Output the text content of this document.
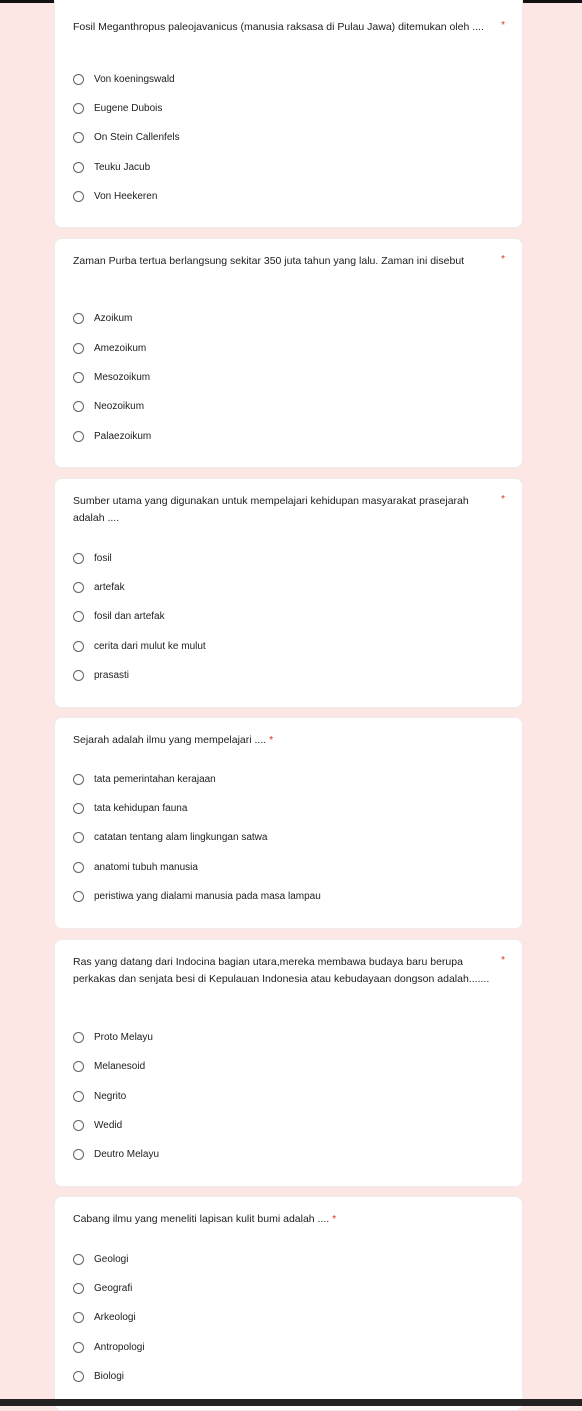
Fosil Meganthropus paleojavanicus (manusia raksasa di Pulau Jawa) ditemukan oleh ....	*
Von koeningswald
Eugene Dubois
On Stein Callenfels
Teuku Jacub
Von Heekeren
Zaman Purba tertua berlangsung sekitar 350 juta tahun yang lalu. Zaman ini disebut	*
Azoikum
Amezoikum
Mesozoikum
Neozoikum
Palaezoikum
Sumber utama yang digunakan untuk mempelajari kehidupan masyarakat prasejarah adalah ....
*
fosil
artefak
fosil dan artefak
cerita dari mulut ke mulut
prasasti
Sejarah adalah ilmu yang mempelajari .... *
tata pemerintahan kerajaan
tata kehidupan fauna
catatan tentang alam lingkungan satwa
anatomi tubuh manusia
peristiwa yang dialami manusia pada masa lampau
Ras yang datang dari Indocina bagian utara,mereka membawa budaya baru berupa perkakas dan senjata besi di Kepulauan Indonesia atau kebudayaan dongson adalah.......
*
Proto Melayu
Melanesoid
Negrito
Wedid
Deutro Melayu
Cabang ilmu yang meneliti lapisan kulit bumi adalah .... *
Geologi
Geografi
Arkeologi
Antropologi
Biologi
